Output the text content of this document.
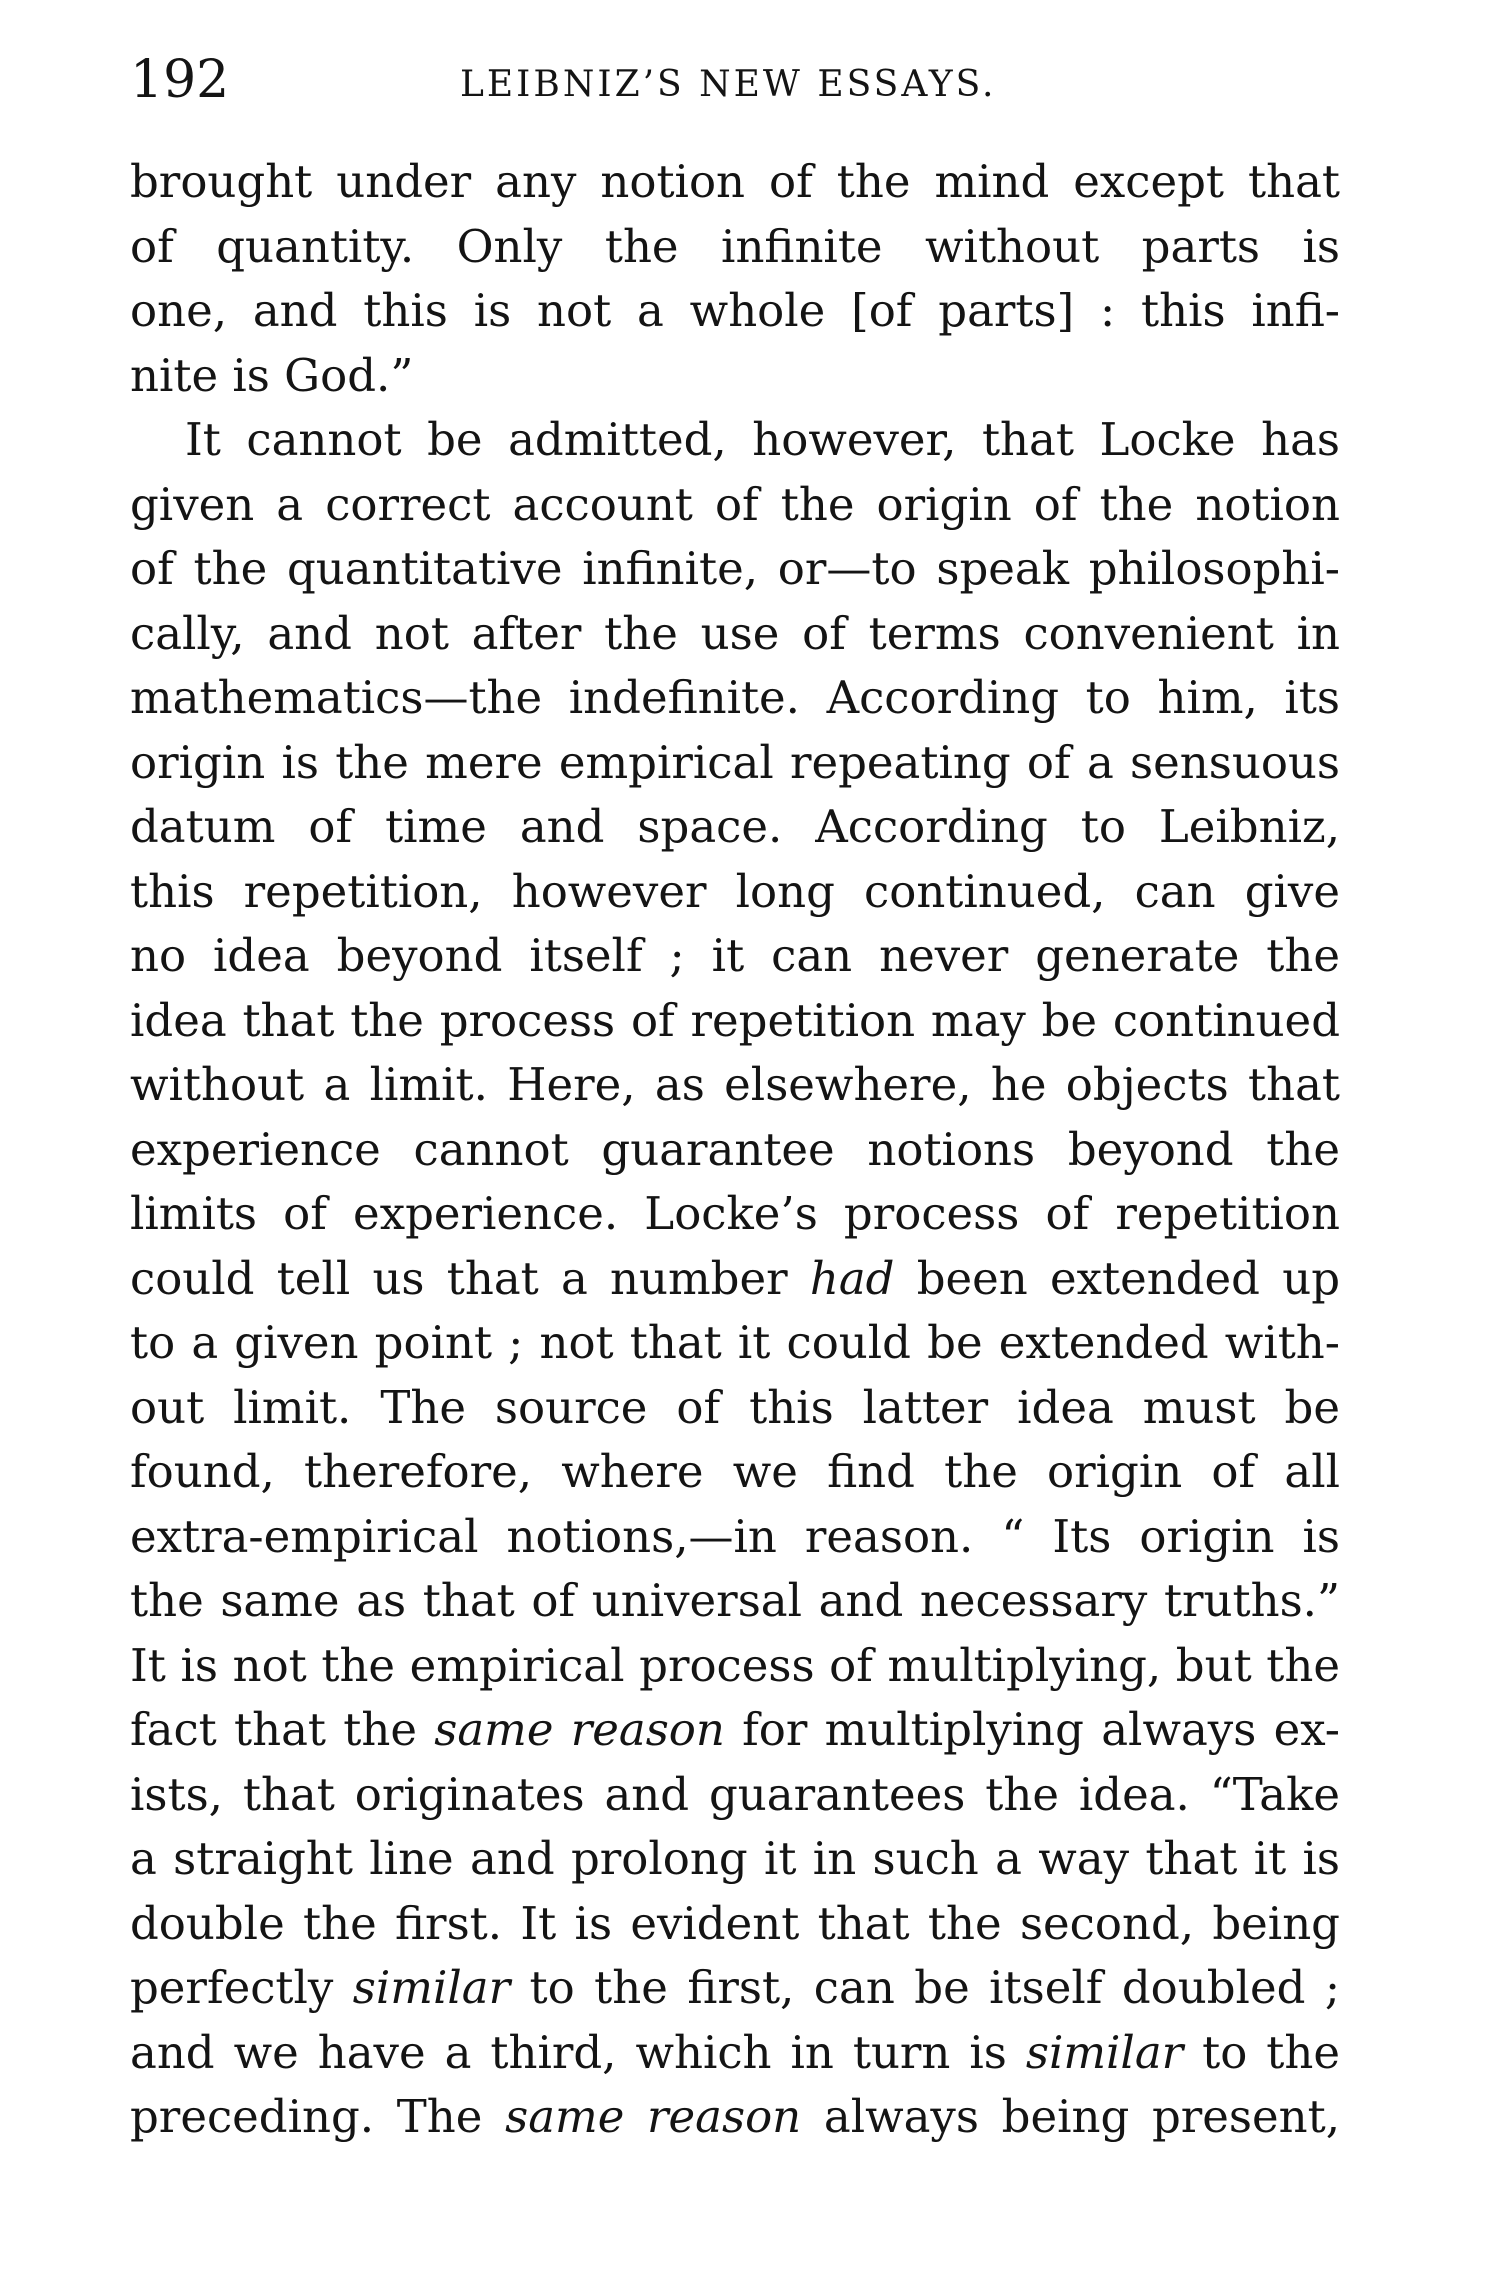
192	LEIBNIZ’S NEW ESSAYS.
brought under any notion of the mind except that
of quantity. Only the infinite without parts is
one, and this is not a whole [of parts] : this infi-
nite is God.”
It cannot be admitted, however, that Locke has
given a correct account of the origin of the notion
of the quantitative infinite, or—to speak philosophi-
cally, and not after the use of terms convenient in
mathematics—the indefinite. According to him, its
origin is the mere empirical repeating of a sensuous
datum of time and space. According to Leibniz,
this repetition, however long continued, can give
no idea beyond itself ; it can never generate the
idea that the process of repetition may be continued
without a limit. Here, as elsewhere, he objects that
experience cannot guarantee notions beyond the
limits of experience. Locke’s process of repetition
could tell us that a number had been extended up
to a given point ; not that it could be extended with-
out limit. The source of this latter idea must be
found, therefore, where we find the origin of all
extra-empirical notions,—in reason. “ Its origin is
the same as that of universal and necessary truths.”
It is not the empirical process of multiplying, but the
fact that the same reason for multiplying always ex-
ists, that originates and guarantees the idea. “Take
a straight line and prolong it in such a way that it is
double the first. It is evident that the second, being
perfectly similar to the first, can be itself doubled ;
and we have a third, which in turn is similar to the
preceding. The same reason always being present,
